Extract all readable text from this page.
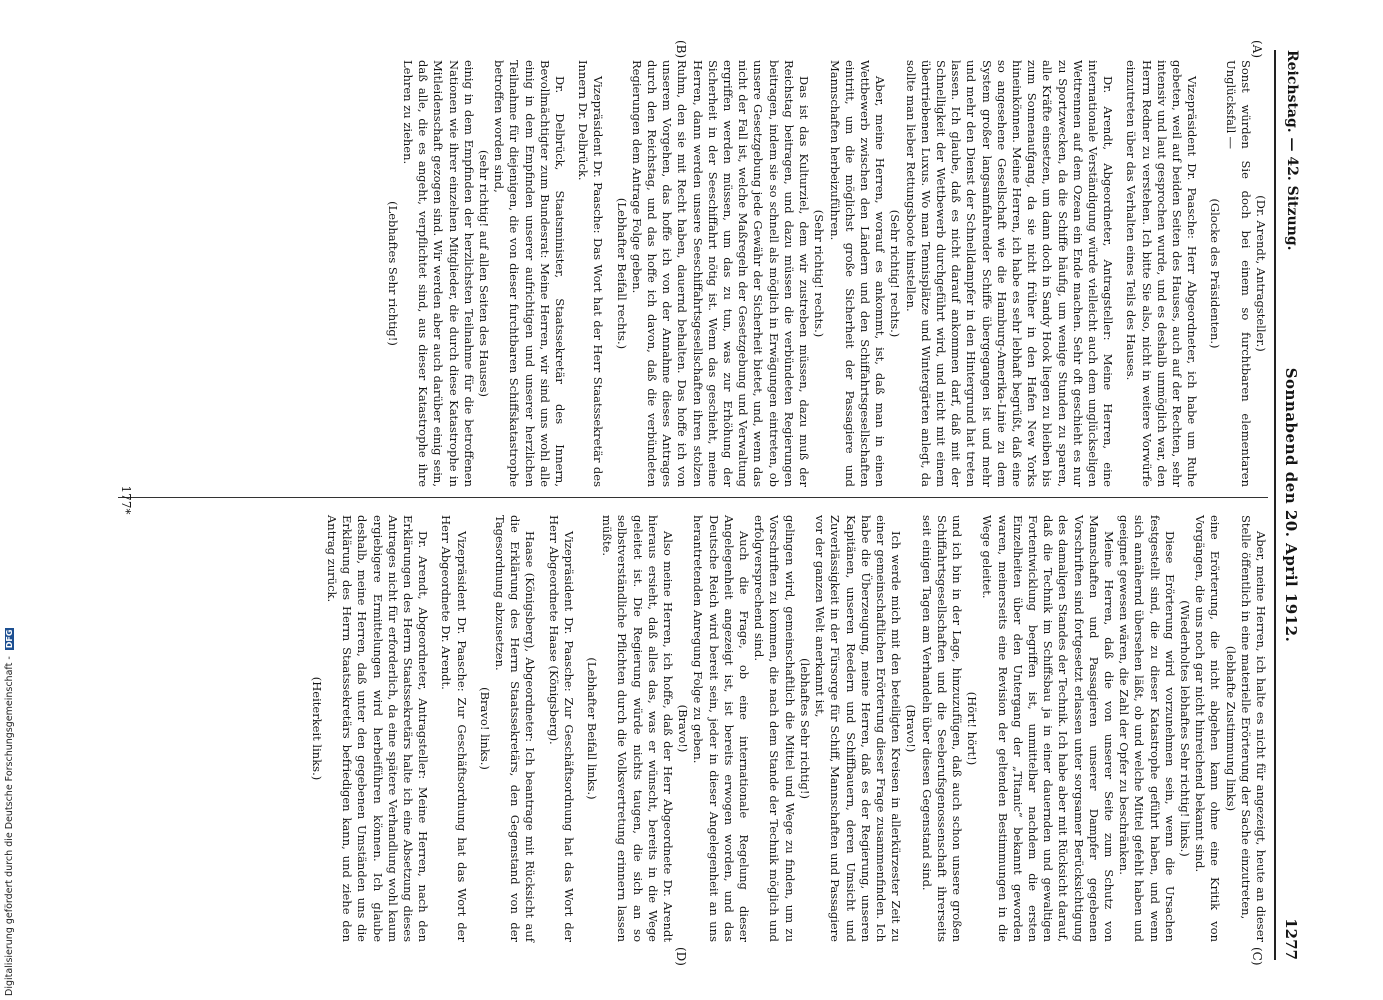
Reichstag. — 42. Sitzung.
Sonnabend den 20. April 1912.
1277
(A)
(B)
(C)
(D)

(Dr. Arendt, Antragsteller.)

Sonst würden Sie doch bei einem so furchtbaren elementaren Unglücksfall ―

(Glocke des Präsidenten.)

Vizepräsident Dr. Paasche: Herr Abgeordneter, ich habe um Ruhe gebeten, weil auf beiden Seiten des Hauses, auch auf der Rechten, sehr intensiv und laut gesprochen wurde, und es deshalb unmöglich war, den Herrn Redner zu verstehen. Ich bitte Sie also, nicht in weitere Vorwürfe einzutreten über das Verhalten eines Teils des Hauses.

Dr. Arendt, Abgeordneter, Antragsteller: Meine Herren, eine internationale Verständigung würde vielleicht auch dem unglückseligen Wettrennen auf dem Ozean ein Ende machen. Sehr oft geschieht es nur zu Sportzwecken, da die Schiffe häufig, um wenige Stunden zu sparen, alle Kräfte einsetzen, um dann doch in Sandy Hook liegen zu bleiben bis zum Sonnenaufgang, da sie nicht früher in den Hafen New Yorks hineinkönnen. Meine Herren, ich habe es sehr lebhaft begrüßt, daß eine so angesehene Gesellschaft wie die Hamburg-Amerika-Linie zu dem System großer langsamfahrender Schiffe übergegangen ist und mehr und mehr den Dienst der Schnelldampfer in den Hintergrund hat treten lassen. Ich glaube, daß es nicht darauf ankommen darf, daß mit der Schnelligkeit der Wettbewerb durchgeführt wird, und nicht mit einem übertriebenen Luxus. Wo man Tennisplätze und Wintergärten anlegt, da sollte man lieber Rettungsboote hinstellen.

(Sehr richtig! rechts.)

Aber, meine Herren, worauf es ankommt, ist, daß man in einen Wettbewerb zwischen den Ländern und den Schiffahrtsgesellschaften eintritt, um die möglichst große Sicherheit der Passagiere und Mannschaften herbeizuführen.

(Sehr richtig! rechts.)

Das ist das Kulturziel, dem wir zustreben müssen, dazu muß der Reichstag beitragen, und dazu müssen die verbündeten Regierungen beitragen, indem sie so schnell als möglich in Erwägungen eintreten, ob unsere Gesetzgebung jede Gewähr der Sicherheit bietet, und, wenn das nicht der Fall ist, welche Maßregeln der Gesetzgebung und Verwaltung ergriffen werden müssen, um das zu tun, was zur Erhöhung der Sicherheit in der Seeschiffahrt nötig ist. Wenn das geschieht, meine Herren, dann werden unsere Seeschiffahrtsgesellschaften ihren stolzen Ruhm, den sie mit Recht haben, dauernd behalten. Das hoffe ich von unserem Vorgehen, das hoffe ich von der Annahme dieses Antrages durch den Reichstag, und das hoffe ich davon, daß die verbündeten Regierungen dem Antrage Folge geben.

(Lebhafter Beifall rechts.)

Vizepräsident Dr. Paasche: Das Wort hat der Herr Staatssekretär des Innern Dr. Delbrück.

Dr. Delbrück, Staatsminister, Staatssekretär des Innern, Bevollmächtigter zum Bundesrat: Meine Herren, wir sind uns wohl alle einig in dem Empfinden unserer aufrichtigen und unserer herzlichen Teilnahme für diejenigen, die von dieser furchtbaren Schiffskatastrophe betroffen worden sind,

(sehr richtig! auf allen Seiten des Hauses)

einig in dem Empfinden der herzlichsten Teilnahme für die betroffenen Nationen wie ihrer einzelnen Mitglieder, die durch diese Katastrophe in Mitleidenschaft gezogen sind. Wir werden aber auch darüber einig sein, daß alle, die es angeht, verpflichtet sind, aus dieser Katastrophe ihre Lehren zu ziehen.

(Lebhaftes Sehr richtig!)

Aber, meine Herren, ich halte es nicht für angezeigt, heute an dieser Stelle öffentlich in eine materielle Erörterung der Sache einzutreten,

(lebhafte Zustimmung links)

eine Erörterung, die nicht abgehen kann ohne eine Kritik von Vorgängen, die uns noch gar nicht hinreichend bekannt sind.

(Wiederholtes lebhaftes Sehr richtig! links.)

Diese Erörterung wird vorzunehmen sein, wenn die Ursachen festgestellt sind, die zu dieser Katastrophe geführt haben, und wenn sich annähernd übersehen läßt, ob und welche Mittel gefehlt haben und geeignet gewesen wären, die Zahl der Opfer zu beschränken.

Meine Herren, daß die von unserer Seite zum Schutz von Mannschaften und Passagieren unserer Dampfer gegebenen Vorschriften sind fortgesetzt erlassen unter sorgsamer Berücksichtigung des damaligen Standes der Technik. Ich habe aber mit Rücksicht darauf, daß die Technik im Schiffsbau ja in einer dauernden und gewaltigen Fortentwicklung begriffen ist, unmittelbar nachdem die ersten Einzelheiten über den Untergang der „Titanic“ bekannt geworden waren, meinerseits eine Revision der geltenden Bestimmungen in die Wege geleitet.

(Hört! hört!)

und ich bin in der Lage, hinzuzufügen, daß auch schon unsere großen Schiffahrtsgesellschaften und die Seeberufsgenossenschaft ihrerseits seit einigen Tagen am Verhandeln über diesen Gegenstand sind.

(Bravo!)

Ich werde mich mit den beteiligten Kreisen in allerkürzester Zeit zu einer gemeinschaftlichen Erörterung dieser Frage zusammenfinden. Ich habe die Überzeugung, meine Herren, daß es der Regierung, unseren Kapitänen, unseren Reedern und Schiffbauern, deren Umsicht und Zuverlässigkeit in der Fürsorge für Schiff, Mannschaften und Passagiere vor der ganzen Welt anerkannt ist,

(lebhaftes Sehr richtig!)

gelingen wird, gemeinschaftlich die Mittel und Wege zu finden, um zu Vorschriften zu kommen, die nach dem Stande der Technik möglich und erfolgversprechend sind.

Auch die Frage, ob eine internationale Regelung dieser Angelegenheit angezeigt ist, ist bereits erwogen worden, und das Deutsche Reich wird bereit sein, jeder in dieser Angelegenheit an uns herantretenden Anregung Folge zu geben.

(Bravo!)

Also meine Herren, ich hoffe, daß der Herr Abgeordnete Dr. Arendt hieraus ersieht, daß alles das, was er wünscht, bereits in die Wege geleitet ist. Die Regierung würde nichts taugen, die sich an so selbstverständliche Pflichten durch die Volksvertretung erinnern lassen müßte.

(Lebhafter Beifall links.)

Vizepräsident Dr. Paasche: Zur Geschäftsordnung hat das Wort der Herr Abgeordnete Haase (Königsberg).

Haase (Königsberg), Abgeordneter: Ich beantrage mit Rücksicht auf die Erklärung des Herrn Staatssekretärs, den Gegenstand von der Tagesordnung abzusetzen.

(Bravo! links.)

Vizepräsident Dr. Paasche: Zur Geschäftsordnung hat das Wort der Herr Abgeordnete Dr. Arendt.

Dr. Arendt, Abgeordneter, Antragsteller: Meine Herren, nach den Erklärungen des Herrn Staatssekretärs halte ich eine Absetzung dieses Antrages nicht für erforderlich, da eine spätere Verhandlung wohl kaum ergiebigere Ermittelungen wird herbeiführen können. Ich glaube deshalb, meine Herren, daß unter den gegebenen Umständen uns die Erklärung des Herrn Staatssekretärs befriedigen kann, und ziehe den Antrag zurück.

(Heiterkeit links.)

177*
Digitalisierung gefördert durch die Deutsche Forschungsgemeinschaft - DFG
